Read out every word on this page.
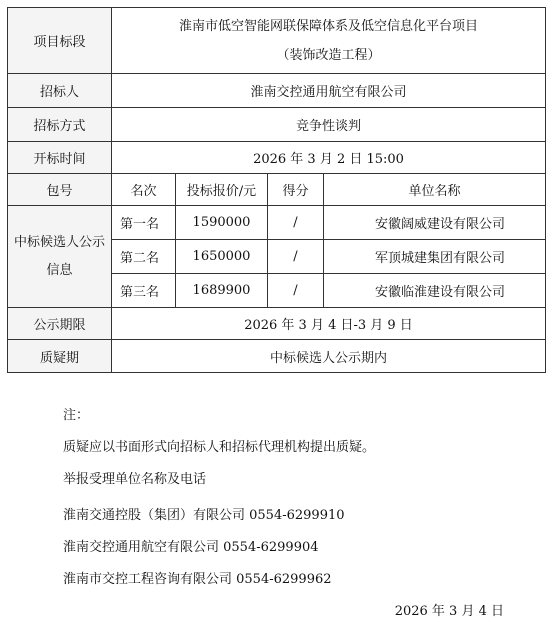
项目标段	淮南市低空智能网联保障体系及低空信息化平台项目
（装饰改造工程）			

招标人	淮南交控通用航空有限公司			
招标方式	竞争性谈判			
开标时间	2026 年 3 月 2 日 15:00			
包号	名次	投标报价/元	得分	单位名称
中标候选人公示信息	第一名	1590000	/	安徽阔威建设有限公司
	第二名	1650000	/	军顶城建集团有限公司
	第三名	1689900	/	安徽临淮建设有限公司
公示期限	2026 年 3 月 4 日-3 月 9 日			
质疑期	中标候选人公示期内			
注：
质疑应以书面形式向招标人和招标代理机构提出质疑。
举报受理单位名称及电话
淮南交通控股（集团）有限公司 0554-6299910
淮南交控通用航空有限公司 0554-6299904
淮南市交控工程咨询有限公司 0554-6299962
2026 年 3 月 4 日
